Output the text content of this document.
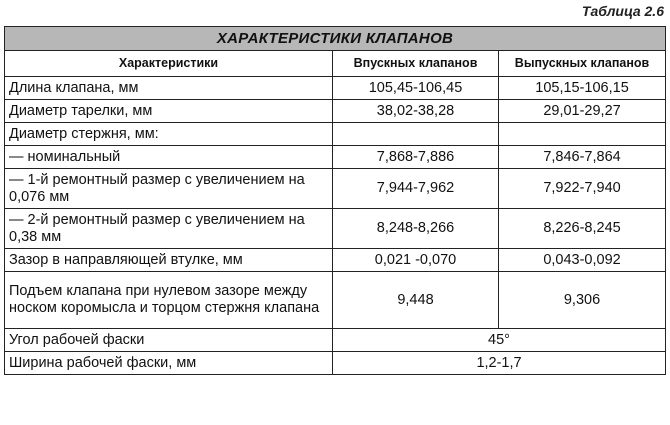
Таблица 2.6
ХАРАКТЕРИСТИКИ КЛАПАНОВ		
Характеристики	Впускных клапанов	Выпускных клапанов
Длина клапана, мм	105,45-106,45	105,15-106,15
Диаметр тарелки, мм	38,02-38,28	29,01-29,27
Диаметр стержня, мм:		
— номинальный	7,868-7,886	7,846-7,864
— 1-й ремонтный размер с увеличением на 0,076 мм	7,944-7,962	7,922-7,940
— 2-й ремонтный размер с увеличением на 0,38 мм	8,248-8,266	8,226-8,245
Зазор в направляющей втулке, мм	0,021 -0,070	0,043-0,092
Подъем клапана при нулевом зазоре между носком коромысла и торцом стержня клапана	9,448	9,306
Угол рабочей фаски	45°	
Ширина рабочей фаски, мм	1,2-1,7	
